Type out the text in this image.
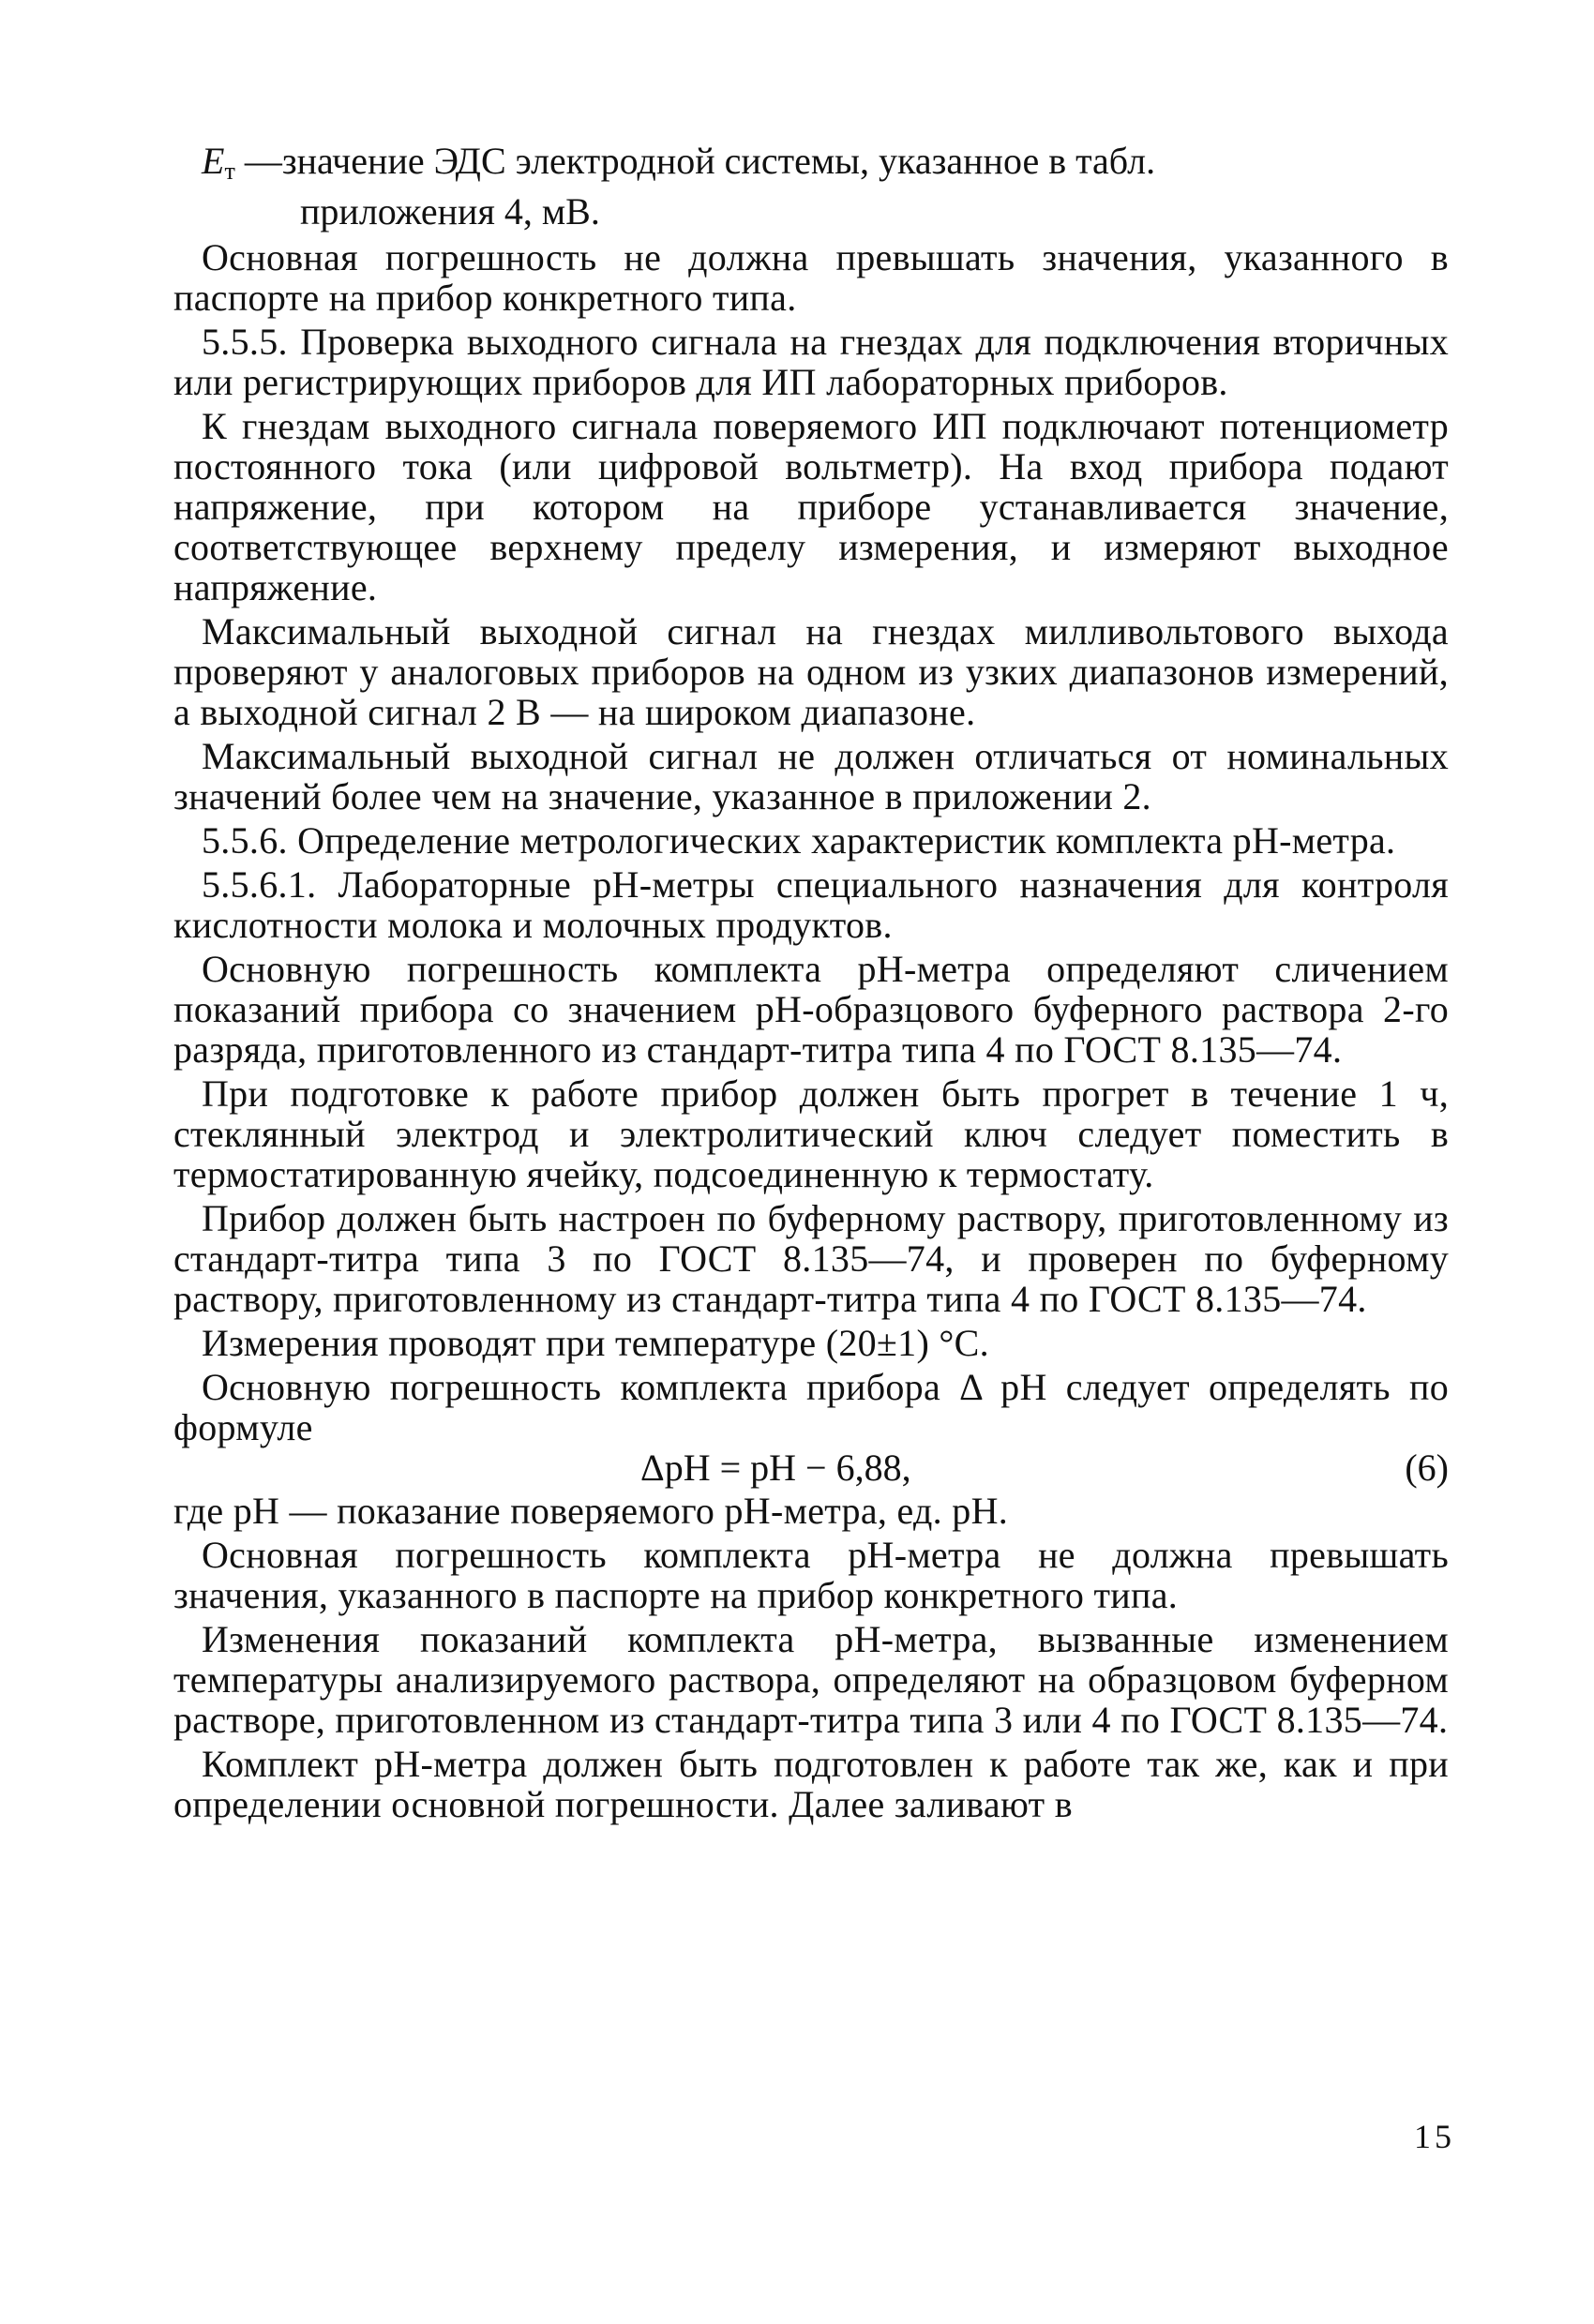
Eт —значение ЭДС электродной системы, указанное в табл.

приложения 4, мВ.

Основная погрешность не должна превышать значения, указанного в паспорте на прибор конкретного типа.

5.5.5. Проверка выходного сигнала на гнездах для подключения вторичных или регистрирующих приборов для ИП лабораторных приборов.

К гнездам выходного сигнала поверяемого ИП подключают потенциометр постоянного тока (или цифровой вольтметр). На вход прибора подают напряжение, при котором на приборе устанавливается значение, соответствующее верхнему пределу измерения, и измеряют выходное напряжение.

Максимальный выходной сигнал на гнездах милливольтового выхода проверяют у аналоговых приборов на одном из узких диапазонов измерений, а выходной сигнал 2 В — на широком диапазоне.

Максимальный выходной сигнал не должен отличаться от номинальных значений более чем на значение, указанное в приложении 2.

5.5.6. Определение метрологических характеристик комплекта рН-метра.

5.5.6.1. Лабораторные рН-метры специального назначения для контроля кислотности молока и молочных продуктов.

Основную погрешность комплекта рН-метра определяют сличением показаний прибора со значением рН-образцового буферного раствора 2-го разряда, приготовленного из стандарт-титра типа 4 по ГОСТ 8.135—74.

При подготовке к работе прибор должен быть прогрет в течение 1 ч, стеклянный электрод и электролитический ключ следует поместить в термостатированную ячейку, подсоединенную к термостату.

Прибор должен быть настроен по буферному раствору, приготовленному из стандарт-титра типа 3 по ГОСТ 8.135—74, и проверен по буферному раствору, приготовленному из стандарт-титра типа 4 по ГОСТ 8.135—74.

Измерения проводят при температуре (20±1) °С.

Основную погрешность комплекта прибора Δ рН следует определять по формуле

ΔрН = рН − 6,88,	(6)

где рН — показание поверяемого рН-метра, ед. рН.

Основная погрешность комплекта рН-метра не должна превышать значения, указанного в паспорте на прибор конкретного типа.

Изменения показаний комплекта рН-метра, вызванные изменением температуры анализируемого раствора, определяют на образцовом буферном растворе, приготовленном из стандарт-титра типа 3 или 4 по ГОСТ 8.135—74.

Комплект рН-метра должен быть подготовлен к работе так же, как и при определении основной погрешности. Далее заливают в

15
